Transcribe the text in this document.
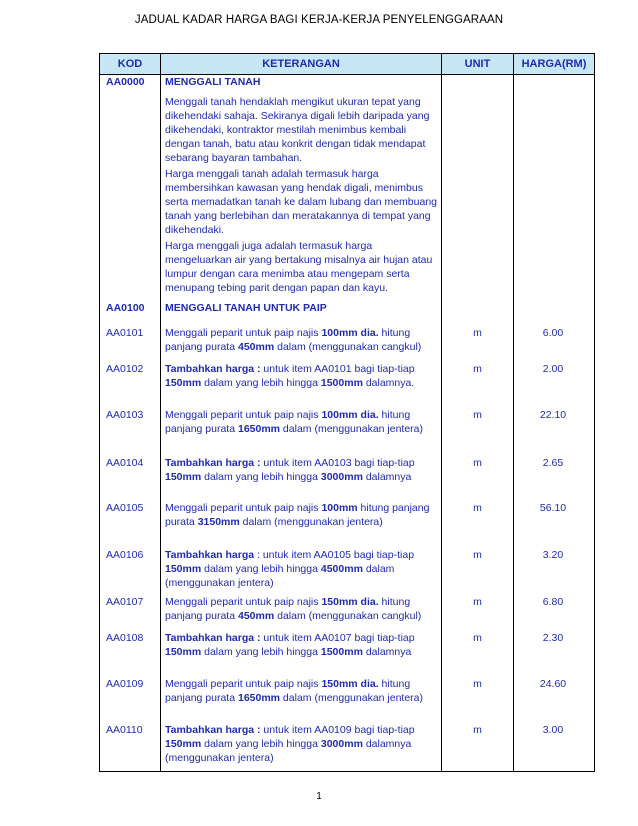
JADUAL KADAR HARGA BAGI KERJA-KERJA PENYELENGGARAAN
KOD	KETERANGAN	UNIT	HARGA(RM)
AA0000	MENGGALI TANAH
Menggali tanah hendaklah mengikut ukuran tepat yang dikehendaki sahaja. Sekiranya digali lebih daripada yang dikehendaki, kontraktor mestilah menimbus kembali dengan tanah, batu atau konkrit dengan tidak mendapat sebarang bayaran tambahan.
Harga menggali tanah adalah termasuk harga membersihkan kawasan yang hendak digali, menimbus serta memadatkan tanah ke dalam lubang dan membuang tanah yang berlebihan dan meratakannya di tempat yang dikehendaki.
Harga menggali juga adalah termasuk harga mengeluarkan air yang bertakung misalnya air hujan atau lumpur dengan cara menimba atau mengepam serta menupang tebing parit dengan papan dan kayu.		

AA0100	MENGGALI TANAH UNTUK PAIP		
AA0101	Menggali peparit untuk paip najis 100mm dia. hitung panjang purata 450mm dalam (menggunakan cangkul)	m	6.00
AA0102	Tambahkan harga : untuk item AA0101 bagi tiap-tiap 150mm dalam yang lebih hingga 1500mm dalamnya.	m	2.00
AA0103	Menggali peparit untuk paip najis 100mm dia. hitung panjang purata 1650mm dalam (menggunakan jentera)	m	22.10
AA0104	Tambahkan harga : untuk item AA0103 bagi tiap-tiap 150mm dalam yang lebih hingga 3000mm dalamnya	m	2.65
AA0105	Menggali peparit untuk paip najis 100mm hitung panjang purata 3150mm dalam (menggunakan jentera)	m	56.10
AA0106	Tambahkan harga : untuk item AA0105 bagi tiap-tiap 150mm dalam yang lebih hingga 4500mm dalam (menggunakan jentera)	m	3.20
AA0107	Menggali peparit untuk paip najis 150mm dia. hitung panjang purata 450mm dalam (menggunakan cangkul)	m	6.80
AA0108	Tambahkan harga : untuk item AA0107 bagi tiap-tiap 150mm dalam yang lebih hingga 1500mm dalamnya	m	2.30
AA0109	Menggali peparit untuk paip najis 150mm dia. hitung panjang purata 1650mm dalam (menggunakan jentera)	m	24.60
AA0110	Tambahkan harga : untuk item AA0109 bagi tiap-tiap 150mm dalam yang lebih hingga 3000mm dalamnya (menggunakan jentera)	m	3.00
1
